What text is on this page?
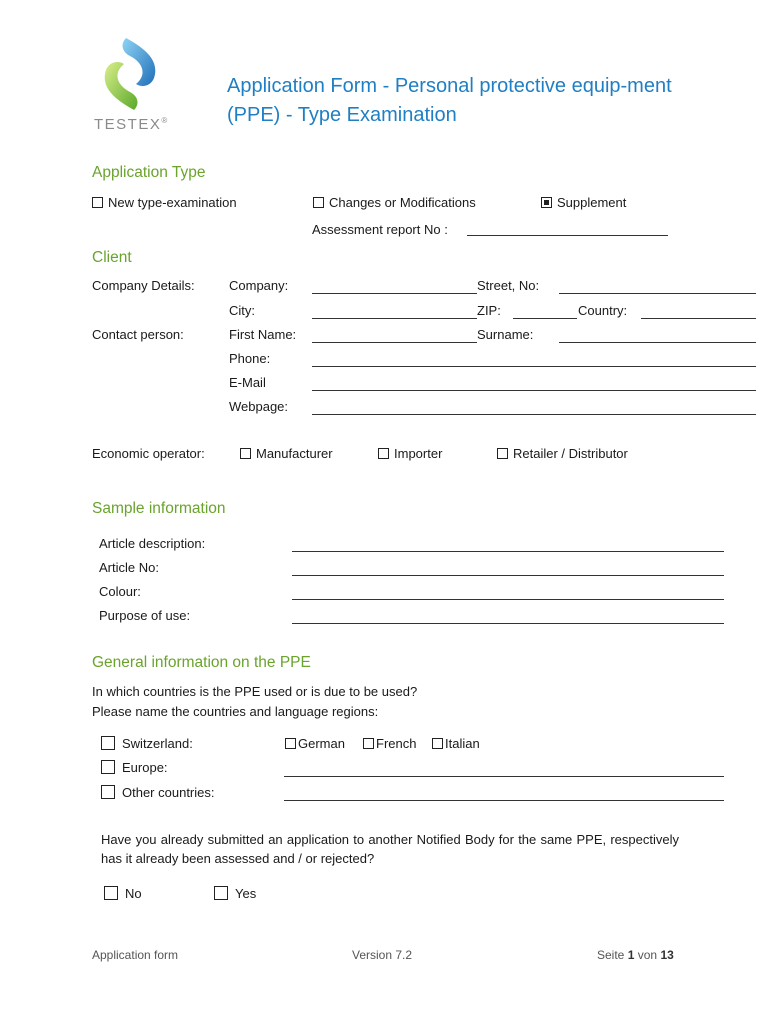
TESTEX®
Application Form - Personal protective equip-ment (PPE) - Type Examination
Application Type
New type-examination	Changes or Modifications	Supplement
Assessment report No :
Client
Company Details:	Company:	Street, No:
City:	ZIP:	Country:
Contact person:	First Name:	Surname:
Phone:
E-Mail
Webpage:
Economic operator:	Manufacturer	Importer	Retailer / Distributor
Sample information
Article description:
Article No:
Colour:
Purpose of use:
General information on the PPE
In which countries is the PPE used or is due to be used?
Please name the countries and language regions:
Switzerland:	German	French	Italian
Europe:
Other countries:
Have you already submitted an application to another Notified Body for the same PPE, respectively has it already been assessed and / or rejected?
No	Yes
Application form	Version 7.2	Seite 1 von 13
